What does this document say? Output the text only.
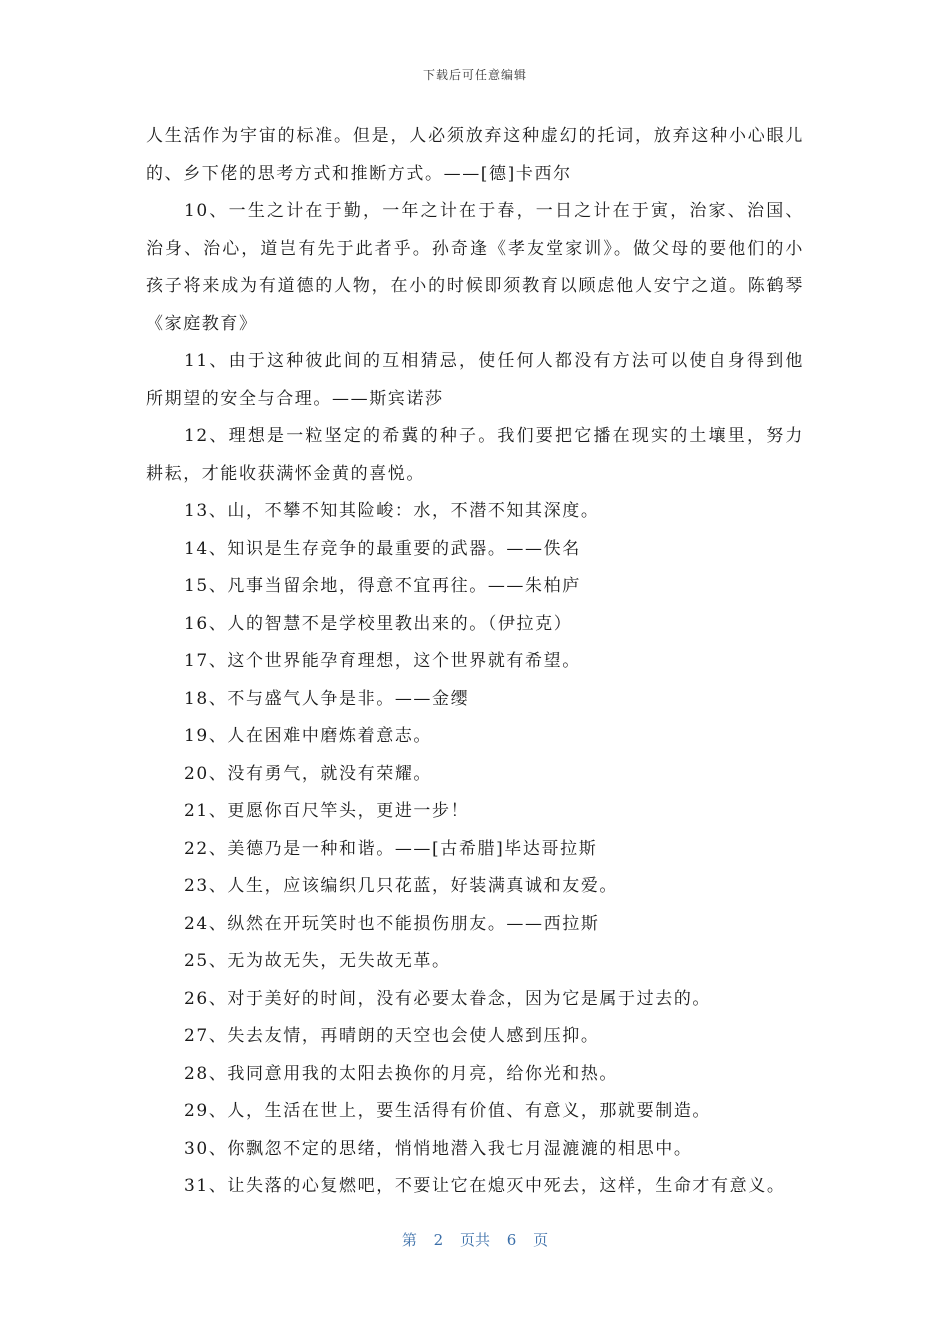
下载后可任意编辑

人生活作为宇宙的标准。但是，人必须放弃这种虚幻的托词，放弃这种小心眼儿的、乡下佬的思考方式和推断方式。——[德]卡西尔

10、一生之计在于勤，一年之计在于春，一日之计在于寅，治家、治国、治身、治心，道岂有先于此者乎。孙奇逢《孝友堂家训》。做父母的要他们的小孩子将来成为有道德的人物，在小的时候即须教育以顾虑他人安宁之道。陈鹤琴《家庭教育》

11、由于这种彼此间的互相猜忌，使任何人都没有方法可以使自身得到他所期望的安全与合理。——斯宾诺莎

12、理想是一粒坚定的希冀的种子。我们要把它播在现实的土壤里，努力耕耘，才能收获满怀金黄的喜悦。

13、山，不攀不知其险峻：水，不潜不知其深度。

14、知识是生存竞争的最重要的武器。——佚名

15、凡事当留余地，得意不宜再往。——朱柏庐

16、人的智慧不是学校里教出来的。（伊拉克）

17、这个世界能孕育理想，这个世界就有希望。

18、不与盛气人争是非。——金缨

19、人在困难中磨炼着意志。

20、没有勇气，就没有荣耀。

21、更愿你百尺竿头，更进一步！

22、美德乃是一种和谐。——[古希腊]毕达哥拉斯

23、人生，应该编织几只花蓝，好装满真诚和友爱。

24、纵然在开玩笑时也不能损伤朋友。——西拉斯

25、无为故无失，无失故无革。

26、对于美好的时间，没有必要太眷念，因为它是属于过去的。

27、失去友情，再晴朗的天空也会使人感到压抑。

28、我同意用我的太阳去换你的月亮，给你光和热。

29、人，生活在世上，要生活得有价值、有意义，那就要制造。

30、你飘忽不定的思绪，悄悄地潜入我七月湿漉漉的相思中。

31、让失落的心复燃吧，不要让它在熄灭中死去，这样，生命才有意义。

第 2 页共 6 页
